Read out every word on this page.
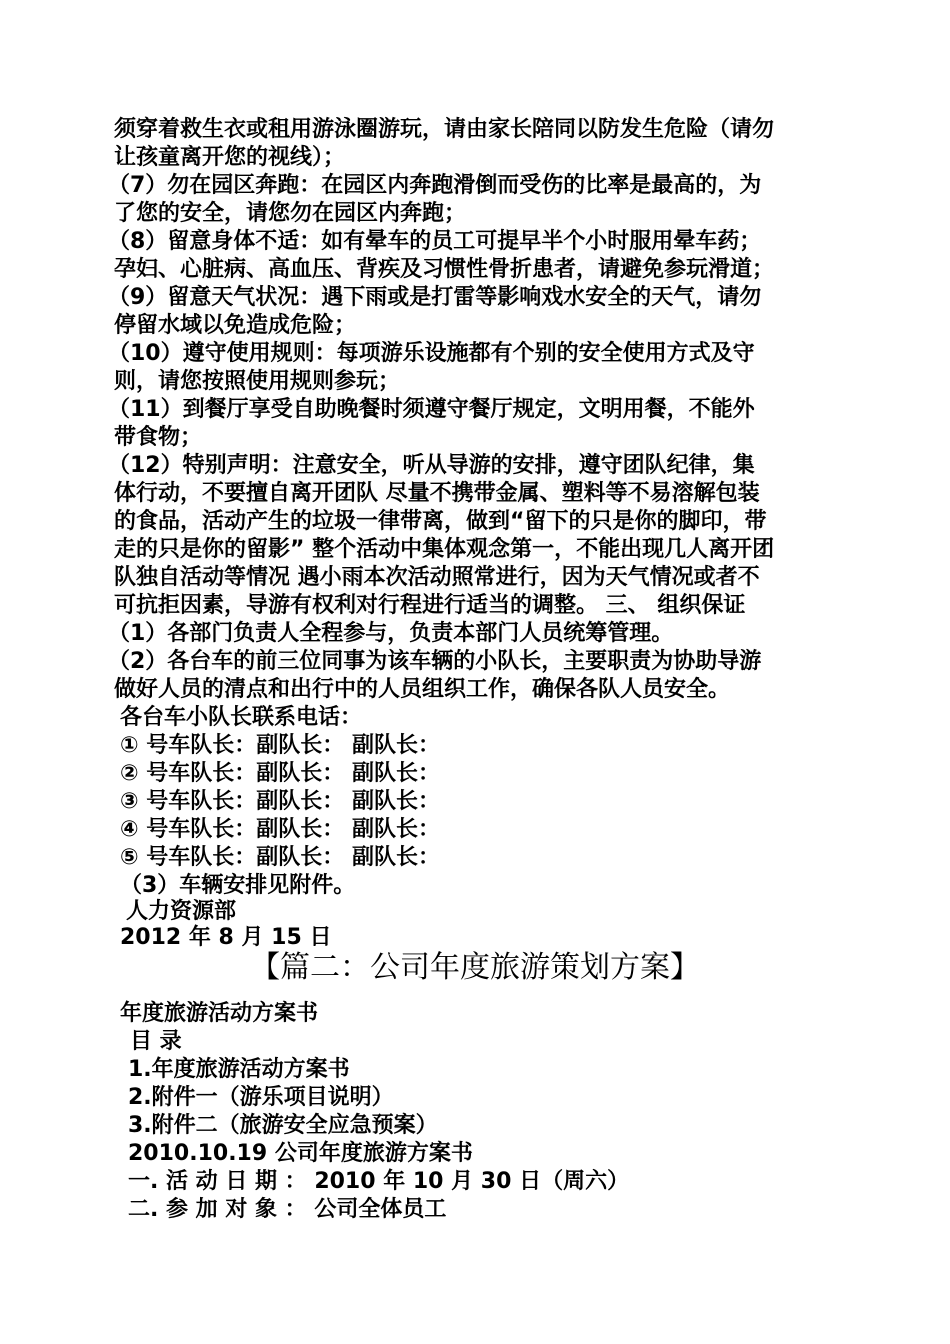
须穿着救生衣或租用游泳圈游玩，请由家长陪同以防发生危险（请勿
让孩童离开您的视线）；
（7）勿在园区奔跑：在园区内奔跑滑倒而受伤的比率是最高的，为
了您的安全，请您勿在园区内奔跑；
（8）留意身体不适：如有晕车的员工可提早半个小时服用晕车药；
孕妇、心脏病、高血压、背疾及习惯性骨折患者，请避免参玩滑道；
（9）留意天气状况：遇下雨或是打雷等影响戏水安全的天气，请勿
停留水域以免造成危险；
（10）遵守使用规则：每项游乐设施都有个别的安全使用方式及守
则，请您按照使用规则参玩；
（11）到餐厅享受自助晚餐时须遵守餐厅规定，文明用餐，不能外
带食物；
（12）特别声明：注意安全，听从导游的安排，遵守团队纪律，集
体行动，不要擅自离开团队 尽量不携带金属、塑料等不易溶解包装
的食品，活动产生的垃圾一律带离，做到“留下的只是你的脚印，带
走的只是你的留影” 整个活动中集体观念第一，不能出现几人离开团
队独自活动等情况 遇小雨本次活动照常进行，因为天气情况或者不
可抗拒因素，导游有权利对行程进行适当的调整。 三、 组织保证
（1）各部门负责人全程参与，负责本部门人员统筹管理。
（2）各台车的前三位同事为该车辆的小队长，主要职责为协助导游
做好人员的清点和出行中的人员组织工作，确保各队人员安全。
各台车小队长联系电话：
① 号车队长：副队长： 副队长：
② 号车队长：副队长： 副队长：
③ 号车队长：副队长： 副队长：
④ 号车队长：副队长： 副队长：
⑤ 号车队长：副队长： 副队长：
（3）车辆安排见附件。
人力资源部
2012 年 8 月 15 日
【篇二：公司年度旅游策划方案】
年度旅游活动方案书
目 录
1.年度旅游活动方案书
2.附件一（游乐项目说明）
3.附件二（旅游安全应急预案）
2010.10.19 公司年度旅游方案书
一. 活 动 日 期 ： 2010 年 10 月 30 日（周六）
二. 参 加 对 象 ： 公司全体员工
